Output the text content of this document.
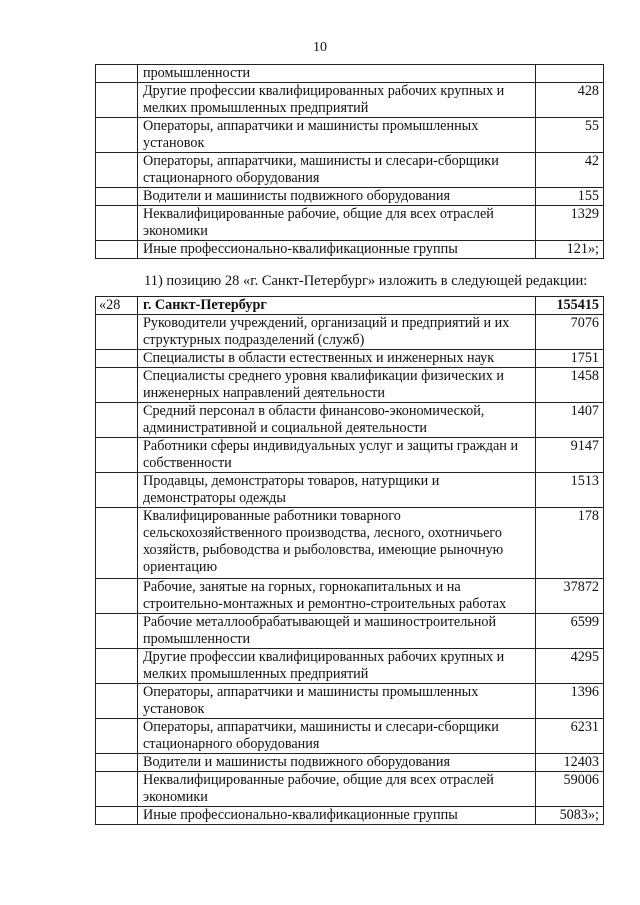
10
	промышленности	
	Другие профессии квалифицированных рабочих крупных и мелких промышленных предприятий	428
	Операторы, аппаратчики и машинисты промышленных установок	55
	Операторы, аппаратчики, машинисты и слесари-сборщики стационарного оборудования	42
	Водители и машинисты подвижного оборудования	155
	Неквалифицированные рабочие, общие для всех отраслей экономики	1329
	Иные профессионально-квалификационные группы	121»;
11) позицию 28 «г. Санкт-Петербург» изложить в следующей редакции:
«28	г. Санкт-Петербург	155415
	Руководители учреждений, организаций и предприятий и их структурных подразделений (служб)	7076
	Специалисты в области естественных и инженерных наук	1751
	Специалисты среднего уровня квалификации физических и инженерных направлений деятельности	1458
	Средний персонал в области финансово-экономической, административной и социальной деятельности	1407
	Работники сферы индивидуальных услуг и защиты граждан и собственности	9147
	Продавцы, демонстраторы товаров, натурщики и демонстраторы одежды	1513
	Квалифицированные работники товарного сельскохозяйственного производства, лесного, охотничьего хозяйств, рыбоводства и рыболовства, имеющие рыночную ориентацию	178
	Рабочие, занятые на горных, горнокапитальных и на строительно-монтажных и ремонтно-строительных работах	37872
	Рабочие металлообрабатывающей и машиностроительной промышленности	6599
	Другие профессии квалифицированных рабочих крупных и мелких промышленных предприятий	4295
	Операторы, аппаратчики и машинисты промышленных установок	1396
	Операторы, аппаратчики, машинисты и слесари-сборщики стационарного оборудования	6231
	Водители и машинисты подвижного оборудования	12403
	Неквалифицированные рабочие, общие для всех отраслей экономики	59006
	Иные профессионально-квалификационные группы	5083»;
